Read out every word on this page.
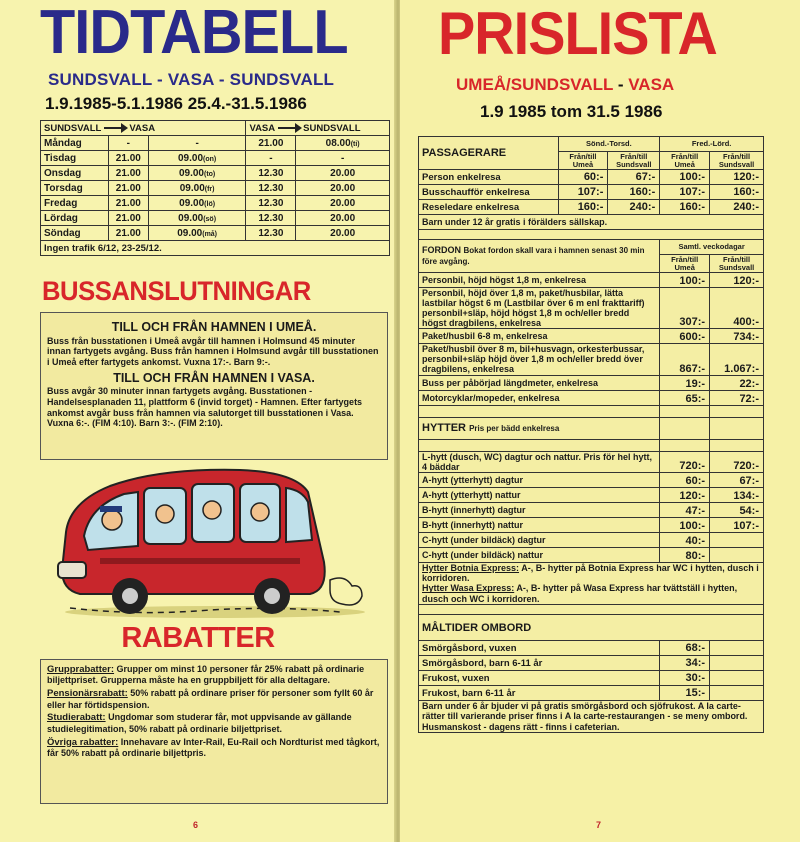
TIDTABELL
SUNDSVALL - VASA - SUNDSVALL
1.9.1985-5.1.1986 25.4.-31.5.1986
SUNDSVALL VASA			VASA SUNDSVALL	
Måndag	-	-	21.00	08.00(ti)
Tisdag	21.00	09.00(on)	-	-
Onsdag	21.00	09.00(to)	12.30	20.00
Torsdag	21.00	09.00(fr)	12.30	20.00
Fredag	21.00	09.00(lö)	12.30	20.00
Lördag	21.00	09.00(sö)	12.30	20.00
Söndag	21.00	09.00(må)	12.30	20.00
Ingen trafik 6/12, 23-25/12.				
BUSSANSLUTNINGAR
TILL OCH FRÅN HAMNEN I UMEÅ.
Buss från busstationen i Umeå avgår till hamnen i Holmsund 45 minuter innan fartygets avgång. Buss från hamnen i Holmsund avgår till busstationen i Umeå efter fartygets ankomst. Vuxna 17:-. Barn 9:-.
TILL OCH FRÅN HAMNEN I VASA.
Buss avgår 30 minuter innan fartygets avgång. Busstationen - Handelsesplanaden 11, plattform 6 (invid torget) - Hamnen. Efter fartygets ankomst avgår buss från hamnen via salutorget till busstationen i Vasa. Vuxna 6:-. (FIM 4:10). Barn 3:-. (FIM 2:10).
RABATTER

Grupprabatter: Grupper om minst 10 personer får 25% rabatt på ordinarie biljettpriset. Grupperna måste ha en gruppbiljett för alla deltagare.

Pensionärsrabatt: 50% rabatt på ordinare priser för personer som fyllt 60 år eller har förtidspension.

Studierabatt: Ungdomar som studerar får, mot uppvisande av gällande studielegitimation, 50% rabatt på ordinarie biljettpriset.

Övriga rabatter: Innehavare av Inter-Rail, Eu-Rail och Nordturist med tågkort, får 50% rabatt på ordinarie biljettpris.

6
PRISLISTA
UMEÅ/SUNDSVALL - VASA
1.9 1985 tom 31.5 1986
PASSAGERARE	Sönd.-Torsd.		Fred.-Lörd.	
	Från/till Umeå	Från/till Sundsvall	Från/till Umeå	Från/till Sundsvall
Person enkelresa	60:-	67:-	100:-	120:-
Busschaufför enkelresa	107:-	160:-	107:-	160:-
Reseledare enkelresa	160:-	240:-	160:-	240:-
Barn under 12 år gratis i förälders sällskap.				

FORDON Bokat fordon skall vara i hamnen senast 30 min före avgång.			Samtl. veckodagar	
			Från/till Umeå	Från/till Sundsvall
Personbil, höjd högst 1,8 m, enkelresa			100:-	120:-
Personbil, höjd över 1,8 m, paket/husbilar, lätta lastbilar högst 6 m (Lastbilar över 6 m enl frakttariff) personbil+släp, höjd högst 1,8 m och/eller bredd högst dragbilens, enkelresa			307:-	400:-
Paket/husbil 6-8 m, enkelresa			600:-	734:-
Paket/husbil över 8 m, bil+husvagn, orkesterbussar, personbil+släp höjd över 1,8 m och/eller bredd över dragbilens, enkelresa			867:-	1.067:-
Buss per påbörjad längdmeter, enkelresa			19:-	22:-
Motorcyklar/mopeder, enkelresa			65:-	72:-

HYTTER Pris per bädd enkelresa				

L-hytt (dusch, WC) dagtur och nattur. Pris för hel hytt, 4 bäddar			720:-	720:-
A-hytt (ytterhytt) dagtur			60:-	67:-
A-hytt (ytterhytt) nattur			120:-	134:-
B-hytt (innerhytt) dagtur			47:-	54:-
B-hytt (innerhytt) nattur			100:-	107:-
C-hytt (under bildäck) dagtur			40:-	
C-hytt (under bildäck) nattur			80:-	

Hytter Botnia Express: A-, B- hytter på Botnia Express har WC i hytten, dusch i korridoren.
Hytter Wasa Express: A-, B- hytter på Wasa Express har tvättställ i hytten, dusch och WC i korridoren.				

MÅLTIDER OMBORD				
Smörgåsbord, vuxen			68:-	
Smörgåsbord, barn 6-11 år			34:-	
Frukost, vuxen			30:-	
Frukost, barn 6-11 år			15:-	
Barn under 6 år bjuder vi på gratis smörgåsbord och sjöfrukost. A la carte-rätter till varierande priser finns i A la carte-restaurangen - se meny ombord. Husmanskost - dagens rätt - finns i cafeterian.				
7
